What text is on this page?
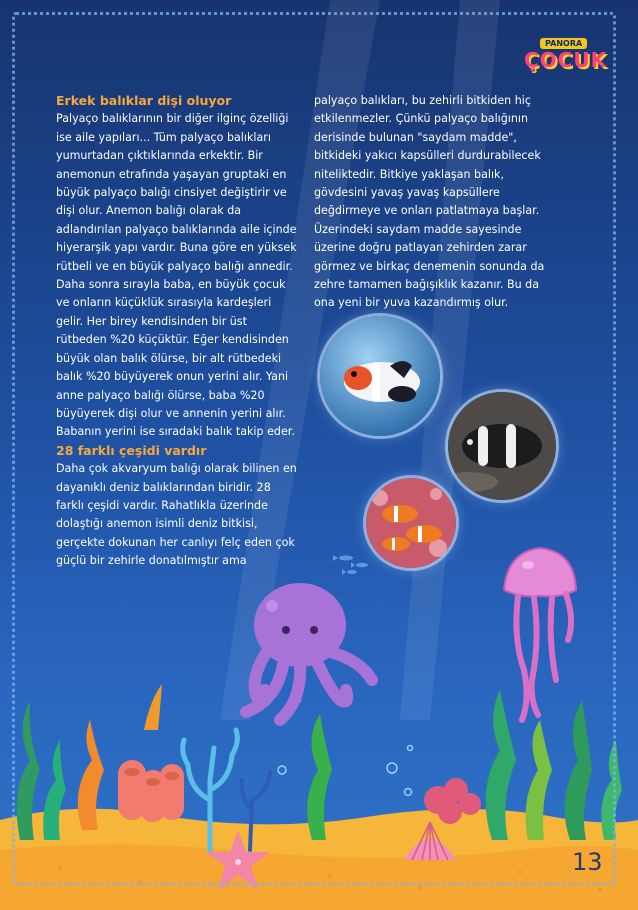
PANORA
ÇOCUK

Erkek balıklar dişi oluyor

Palyaço balıklarının bir diğer ilginç özelliği ise aile yapıları... Tüm palyaço balıkları yumurtadan çıktıklarında erkektir. Bir anemonun etrafında yaşayan gruptaki en büyük palyaço balığı cinsiyet değiştirir ve dişi olur. Anemon balığı olarak da adlandırılan palyaço balıklarında aile içinde hiyerarşik yapı vardır. Buna göre en yüksek rütbeli ve en büyük palyaço balığı annedir. Daha sonra sırayla baba, en büyük çocuk ve onların küçüklük sırasıyla kardeşleri gelir. Her birey kendisinden bir üst rütbeden %20 küçüktür. Eğer kendisinden büyük olan balık ölürse, bir alt rütbedeki balık %20 büyüyerek onun yerini alır. Yani anne palyaço balığı ölürse, baba %20 büyüyerek dişi olur ve annenin yerini alır. Babanın yerini ise sıradaki balık takip eder.

28 farklı çeşidi vardır

Daha çok akvaryum balığı olarak bilinen en dayanıklı deniz balıklarından biridir. 28 farklı çeşidi vardır. Rahatlıkla üzerinde dolaştığı anemon isimli deniz bitkisi, gerçekte dokunan her canlıyı felç eden çok güçlü bir zehirle donatılmıştır ama

palyaço balıkları, bu zehirli bitkiden hiç etkilenmezler. Çünkü palyaço balığının derisinde bulunan "saydam madde", bitkideki yakıcı kapsülleri durdurabilecek niteliktedir. Bitkiye yaklaşan balık, gövdesini yavaş yavaş kapsüllere değdirmeye ve onları patlatmaya başlar. Üzerindeki saydam madde sayesinde üzerine doğru patlayan zehirden zarar görmez ve birkaç denemenin sonunda da zehre tamamen bağışıklık kazanır. Bu da ona yeni bir yuva kazandırmış olur.

13
